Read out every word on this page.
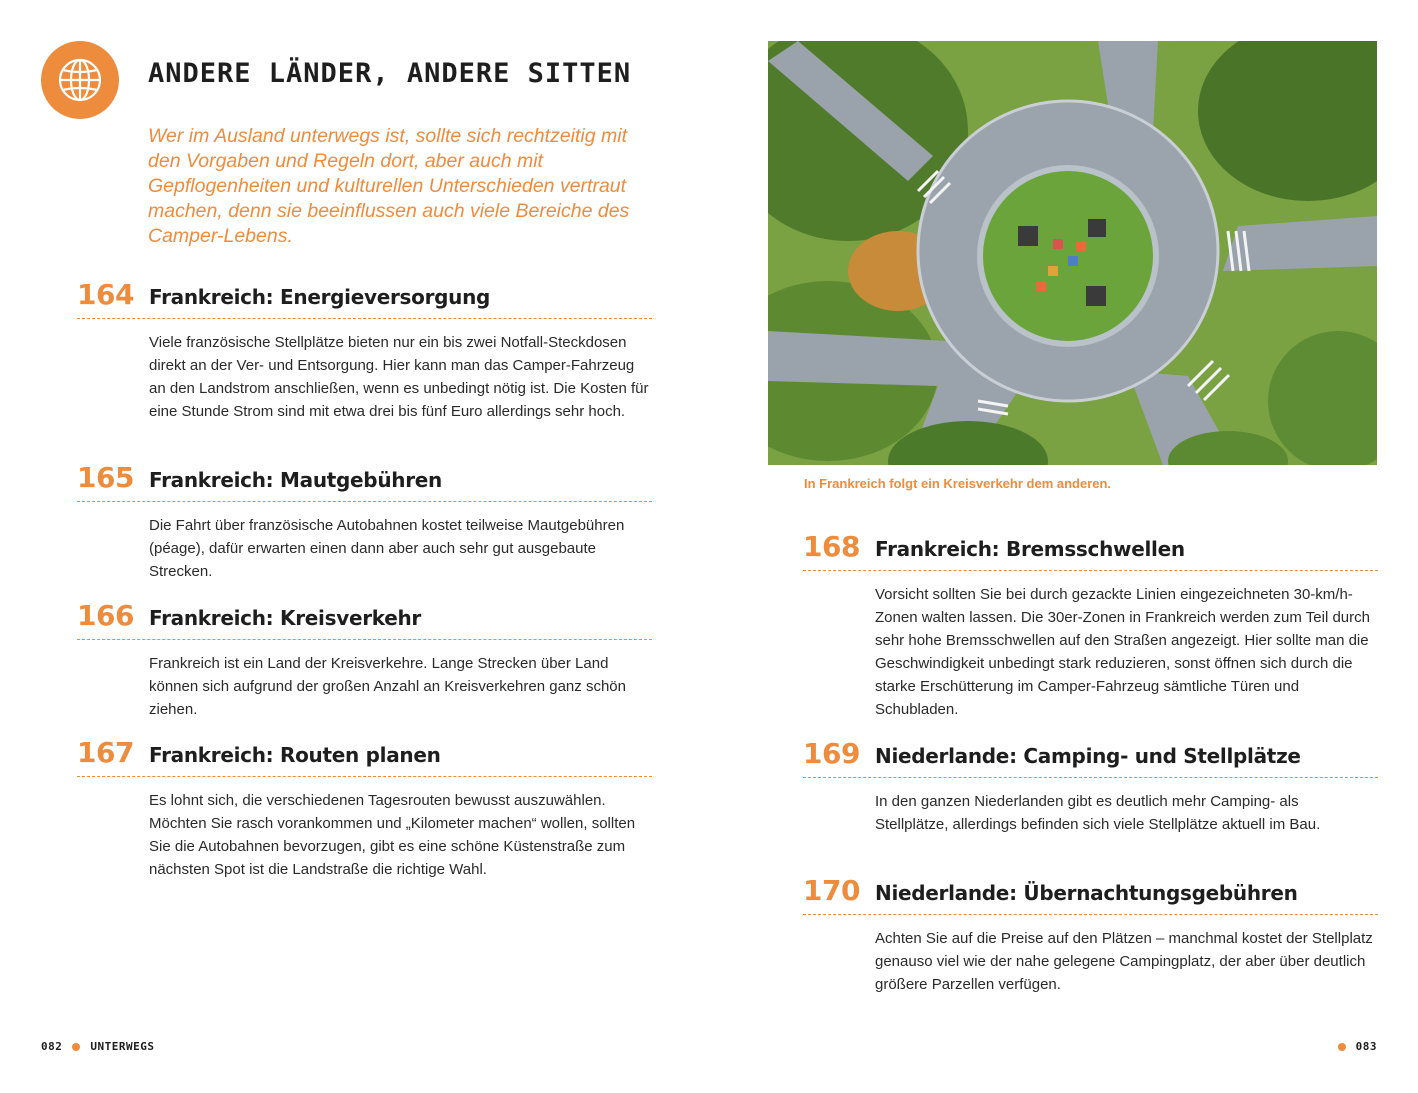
ANDERE LÄNDER, ANDERE SITTEN

Wer im Ausland unterwegs ist, sollte sich rechtzeitig mit den Vorgaben und Regeln dort, aber auch mit Gepflogenheiten und kulturellen Unterschieden vertraut machen, denn sie beeinflussen auch viele Bereiche des Camper-Lebens.

164 Frankreich: Energieversorgung

Viele französische Stellplätze bieten nur ein bis zwei Notfall-Steckdosen direkt an der Ver- und Entsorgung. Hier kann man das Camper-Fahrzeug an den Landstrom anschließen, wenn es unbedingt nötig ist. Die Kosten für eine Stunde Strom sind mit etwa drei bis fünf Euro allerdings sehr hoch.

165 Frankreich: Mautgebühren

Die Fahrt über französische Autobahnen kostet teilweise Mautgebühren (péage), dafür erwarten einen dann aber auch sehr gut ausgebaute Strecken.

166 Frankreich: Kreisverkehr

Frankreich ist ein Land der Kreisverkehre. Lange Strecken über Land können sich aufgrund der großen Anzahl an Kreisverkehren ganz schön ziehen.

167 Frankreich: Routen planen

Es lohnt sich, die verschiedenen Tagesrouten bewusst auszuwählen. Möchten Sie rasch vorankommen und „Kilometer machen“ wollen, sollten Sie die Autobahnen bevorzugen, gibt es eine schöne Küstenstraße zum nächsten Spot ist die Landstraße die richtige Wahl.

082	UNTERWEGS

In Frankreich folgt ein Kreisverkehr dem anderen.

168 Frankreich: Bremsschwellen

Vorsicht sollten Sie bei durch gezackte Linien eingezeichneten 30-km/h-Zonen walten lassen. Die 30er-Zonen in Frankreich werden zum Teil durch sehr hohe Bremsschwellen auf den Straßen angezeigt. Hier sollte man die Geschwindigkeit unbedingt stark reduzieren, sonst öffnen sich durch die starke Erschütterung im Camper-Fahrzeug sämtliche Türen und Schubladen.

169 Niederlande: Camping- und Stellplätze

In den ganzen Niederlanden gibt es deutlich mehr Camping- als Stellplätze, allerdings befinden sich viele Stellplätze aktuell im Bau.

170 Niederlande: Übernachtungsgebühren

Achten Sie auf die Preise auf den Plätzen – manchmal kostet der Stellplatz genauso viel wie der nahe gelegene Campingplatz, der aber über deutlich größere Parzellen verfügen.

083
